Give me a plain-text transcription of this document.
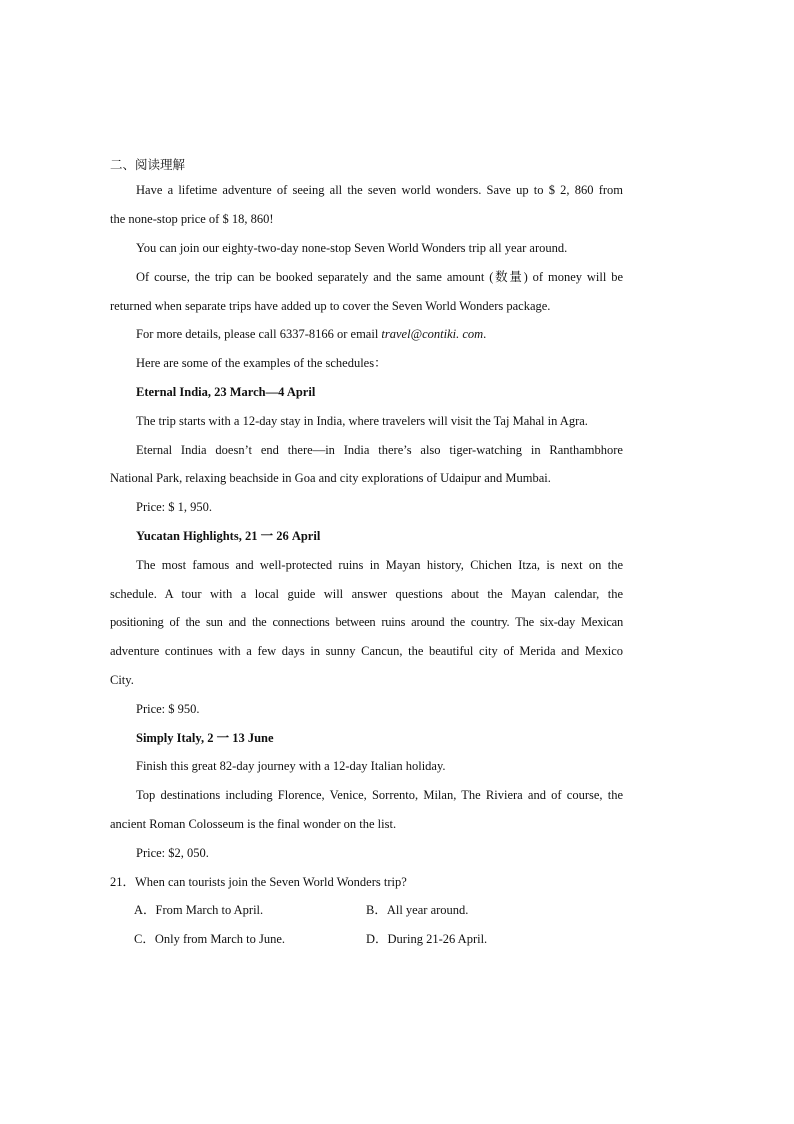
二、阅读理解
Have a lifetime adventure of seeing all the seven world wonders. Save up to $ 2, 860 from
the none-stop price of $ 18, 860!
You can join our eighty-two-day none-stop Seven World Wonders trip all year around.
Of course, the trip can be booked separately and the same amount (数量) of money will be
returned when separate trips have added up to cover the Seven World Wonders package.
For more details, please call 6337-8166 or email travel@contiki. com.
Here are some of the examples of the schedules：
Eternal India, 23 March—4 April
The trip starts with a 12-day stay in India, where travelers will visit the Taj Mahal in Agra.
Eternal India doesn’t end there—in India there’s also tiger-watching in Ranthambhore
National Park, relaxing beachside in Goa and city explorations of Udaipur and Mumbai.
Price: $ 1, 950.
Yucatan Highlights, 21 一 26 April
The most famous and well-protected ruins in Mayan history, Chichen Itza, is next on the
schedule. A tour with a local guide will answer questions about the Mayan calendar, the
positioning of the sun and the connections between ruins around the country. The six-day Mexican
adventure continues with a few days in sunny Cancun, the beautiful city of Merida and Mexico
City.
Price: $ 950.
Simply Italy, 2 一 13 June
Finish this great 82-day journey with a 12-day Italian holiday.
Top destinations including Florence, Venice, Sorrento, Milan, The Riviera and of course, the
ancient Roman Colosseum is the final wonder on the list.
Price: $2, 050.
21．When can tourists join the Seven World Wonders trip?
A．From March to April.	B．All year around.
C．Only from March to June.	D．During 21-26 April.
